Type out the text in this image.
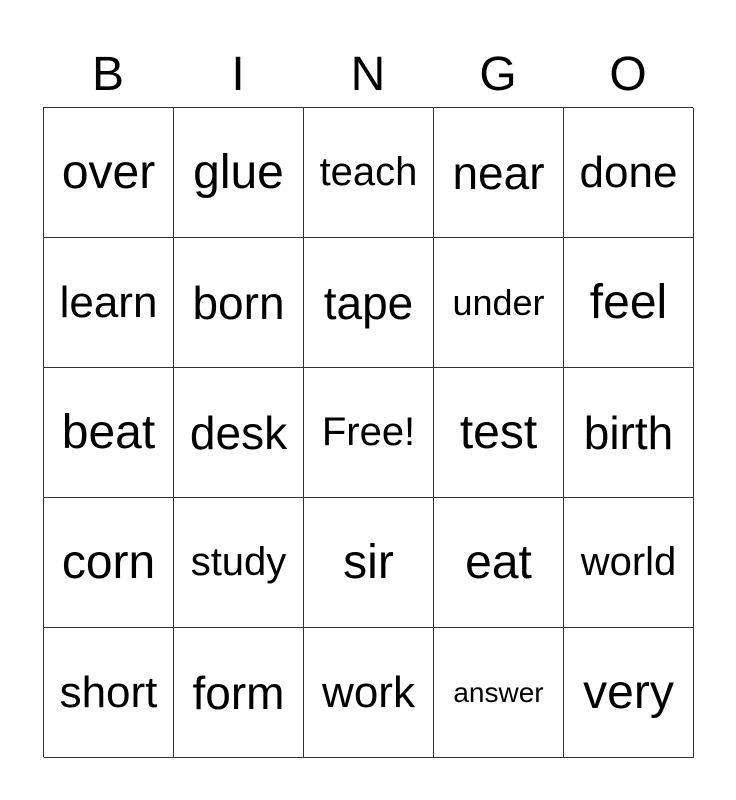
B	I	N	G	O
over glue teach near done
learn born tape	under feel
beat desk Free! test	birth
corn study	sir	eat	world
short form work	answer very
